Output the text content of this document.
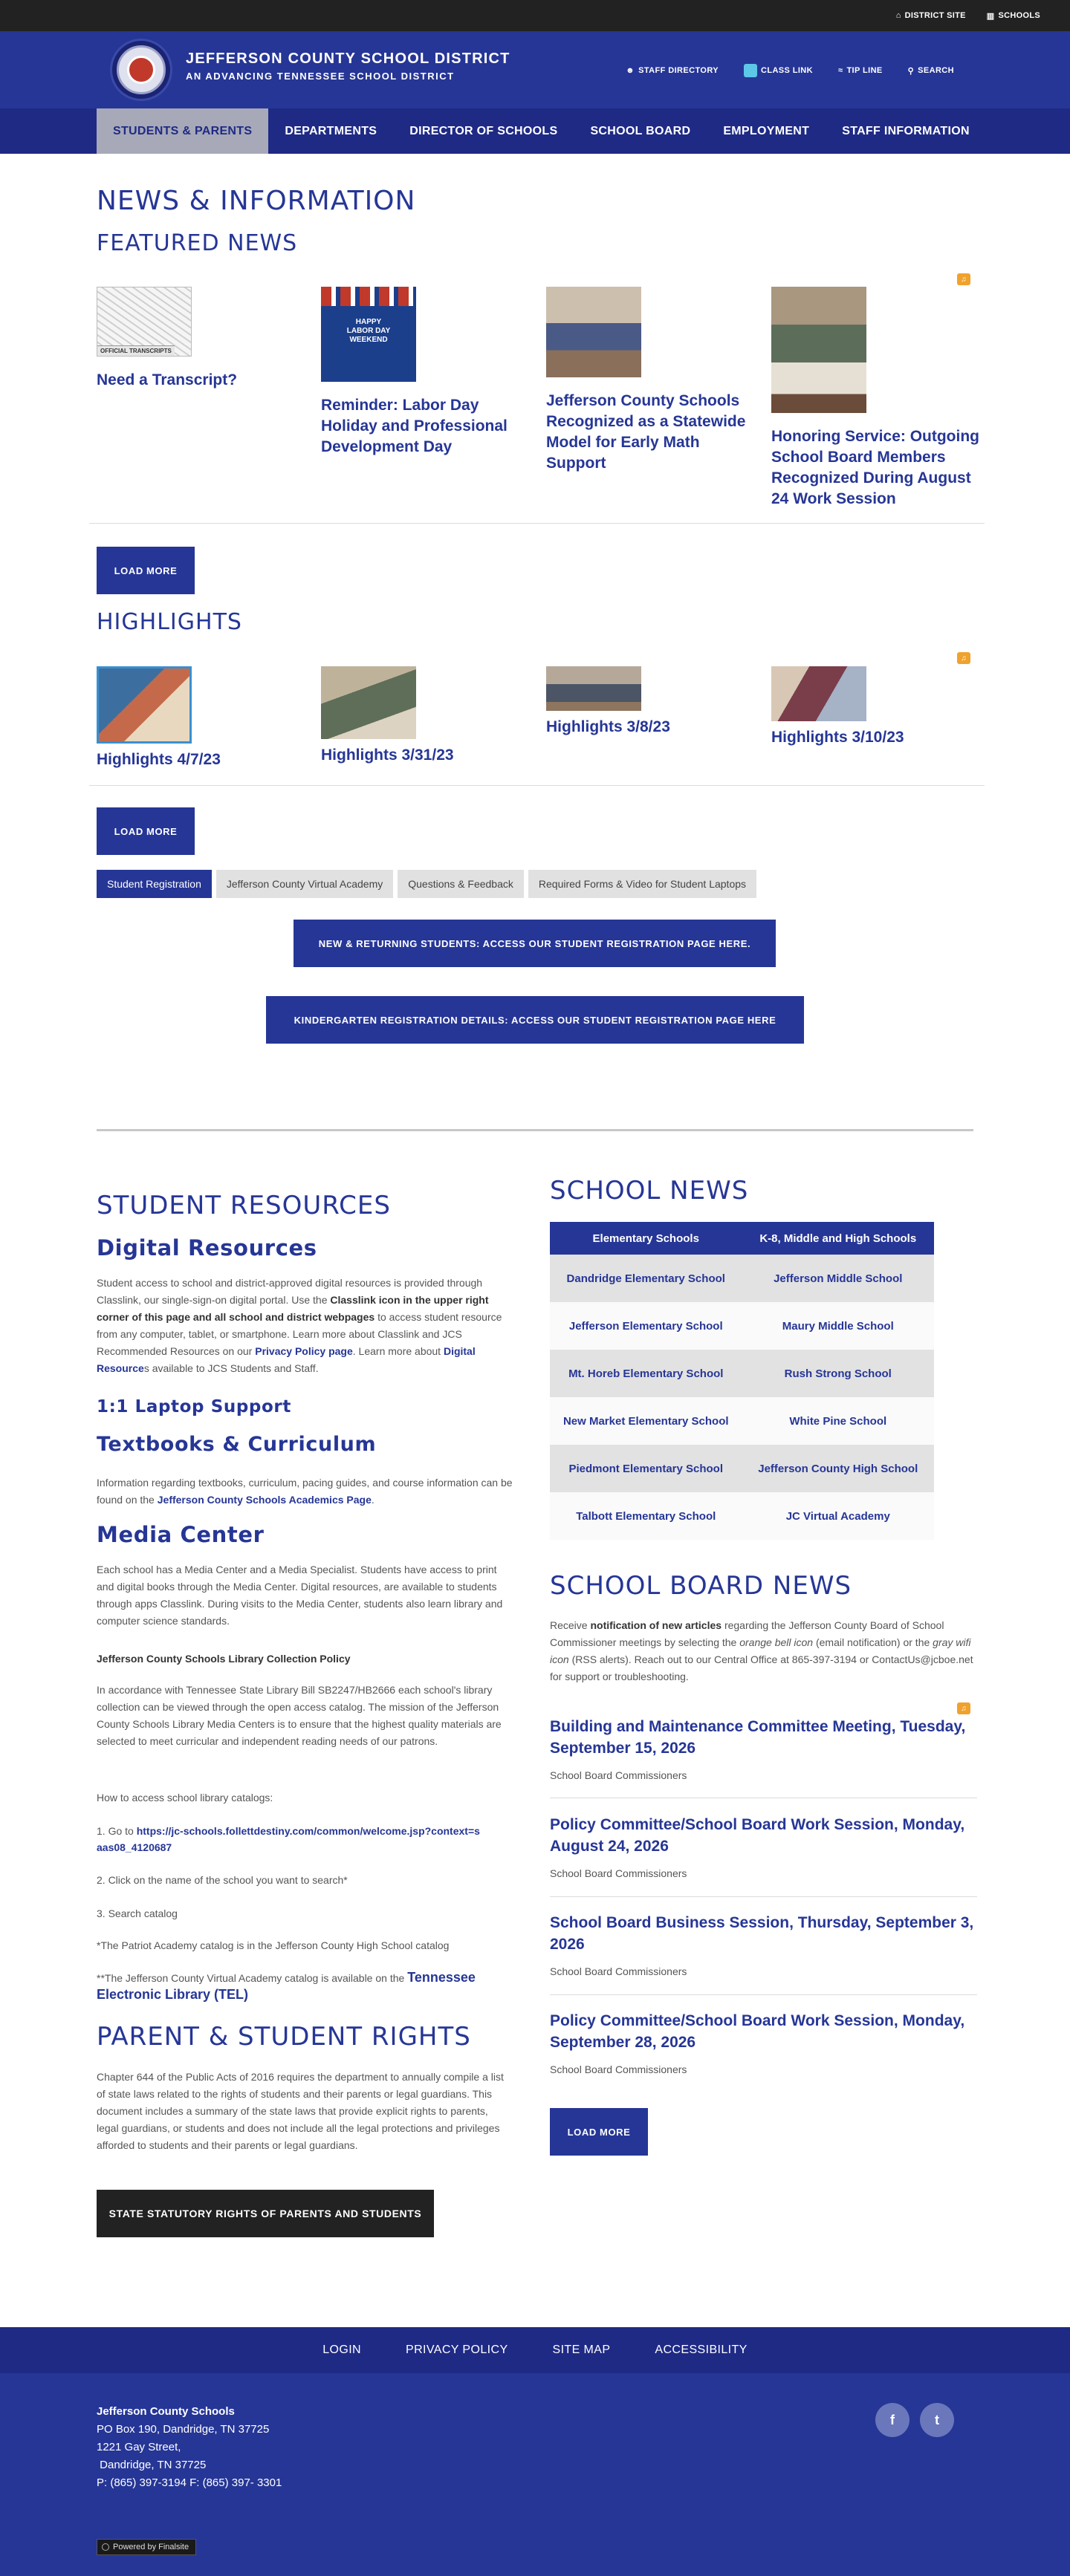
⌂ DISTRICT SITE	▥ SCHOOLS
JEFFERSON COUNTY SCHOOL DISTRICT
AN ADVANCING TENNESSEE SCHOOL DISTRICT	☻ STAFF DIRECTORY	CLASS LINK	≈ TIP LINE	⚲ SEARCH
STUDENTS & PARENTS	DEPARTMENTS	DIRECTOR OF SCHOOLS	SCHOOL BOARD	EMPLOYMENT	STAFF INFORMATION
NEWS & INFORMATION
FEATURED NEWS
♫
OFFICIAL TRANSCRIPTS
Need a Transcript?
HAPPY LABOR DAY WEEKEND
Reminder: Labor Day Holiday and Professional Development Day
Jefferson County Schools Recognized as a Statewide Model for Early Math Support
Honoring Service: Outgoing School Board Members Recognized During August 24 Work Session
LOAD MORE
HIGHLIGHTS
♫
Highlights 4/7/23	Highlights 3/31/23
Highlights 3/8/23
Highlights 3/10/23
LOAD MORE
Student Registration	Jefferson County Virtual Academy	Questions & Feedback	Required Forms & Video for Student Laptops
NEW & RETURNING STUDENTS: ACCESS OUR STUDENT REGISTRATION PAGE HERE.
KINDERGARTEN REGISTRATION DETAILS: ACCESS OUR STUDENT REGISTRATION PAGE HERE
STUDENT RESOURCES
Digital Resources

Student access to school and district-approved digital resources is provided through Classlink, our single-sign-on digital portal. Use the Classlink icon in the upper right corner of this page and all school and district webpages to access student resource from any computer, tablet, or smartphone. Learn more about Classlink and JCS Recommended Resources on our Privacy Policy page. Learn more about Digital Resources available to JCS Students and Staff.

1:1 Laptop Support
Textbooks & Curriculum

Information regarding textbooks, curriculum, pacing guides, and course information can be found on the Jefferson County Schools Academics Page.

Media Center

Each school has a Media Center and a Media Specialist. Students have access to print and digital books through the Media Center. Digital resources, are available to students through apps Classlink. During visits to the Media Center, students also learn library and computer science standards.

Jefferson County Schools Library Collection Policy

In accordance with Tennessee State Library Bill SB2247/HB2666 each school's library collection can be viewed through the open access catalog. The mission of the Jefferson County Schools Library Media Centers is to ensure that the highest quality materials are selected to meet curricular and independent reading needs of our patrons.

How to access school library catalogs:
1. Go to https://jc-schools.follettdestiny.com/common/welcome.jsp?context=saas08_4120687
2. Click on the name of the school you want to search*
3. Search catalog
*The Patriot Academy catalog is in the Jefferson County High School catalog
**The Jefferson County Virtual Academy catalog is available on the Tennessee Electronic Library (TEL)
PARENT & STUDENT RIGHTS

Chapter 644 of the Public Acts of 2016 requires the department to annually compile a list of state laws related to the rights of students and their parents or legal guardians. This document includes a summary of the state laws that provide explicit rights to parents, legal guardians, or students and does not include all the legal protections and privileges afforded to students and their parents or legal guardians.

STATE STATUTORY RIGHTS OF PARENTS AND STUDENTS
SCHOOL NEWS
Elementary Schools	K-8, Middle and High Schools
Dandridge Elementary School	Jefferson Middle School
Jefferson Elementary School	Maury Middle School
Mt. Horeb Elementary School	Rush Strong School
New Market Elementary School	White Pine School
Piedmont Elementary School	Jefferson County High School
Talbott Elementary School	JC Virtual Academy
SCHOOL BOARD NEWS

Receive notification of new articles regarding the Jefferson County Board of School Commissioner meetings by selecting the orange bell icon (email notification) or the gray wifi icon (RSS alerts). Reach out to our Central Office at 865-397-3194 or ContactUs@jcboe.net for support or troubleshooting.

♫
Building and Maintenance Committee Meeting, Tuesday, September 15, 2026
School Board Commissioners
Policy Committee/School Board Work Session, Monday, August 24, 2026
School Board Commissioners
School Board Business Session, Thursday, September 3, 2026
School Board Commissioners
Policy Committee/School Board Work Session, Monday, September 28, 2026
School Board Commissioners
LOAD MORE
LOGIN	PRIVACY POLICY	SITE MAP	ACCESSIBILITY
Jefferson County Schools
PO Box 190, Dandridge, TN 37725
1221 Gay Street,
Dandridge, TN 37725
P: (865) 397-3194 F: (865) 397- 3301
f	t
Powered by Finalsite
